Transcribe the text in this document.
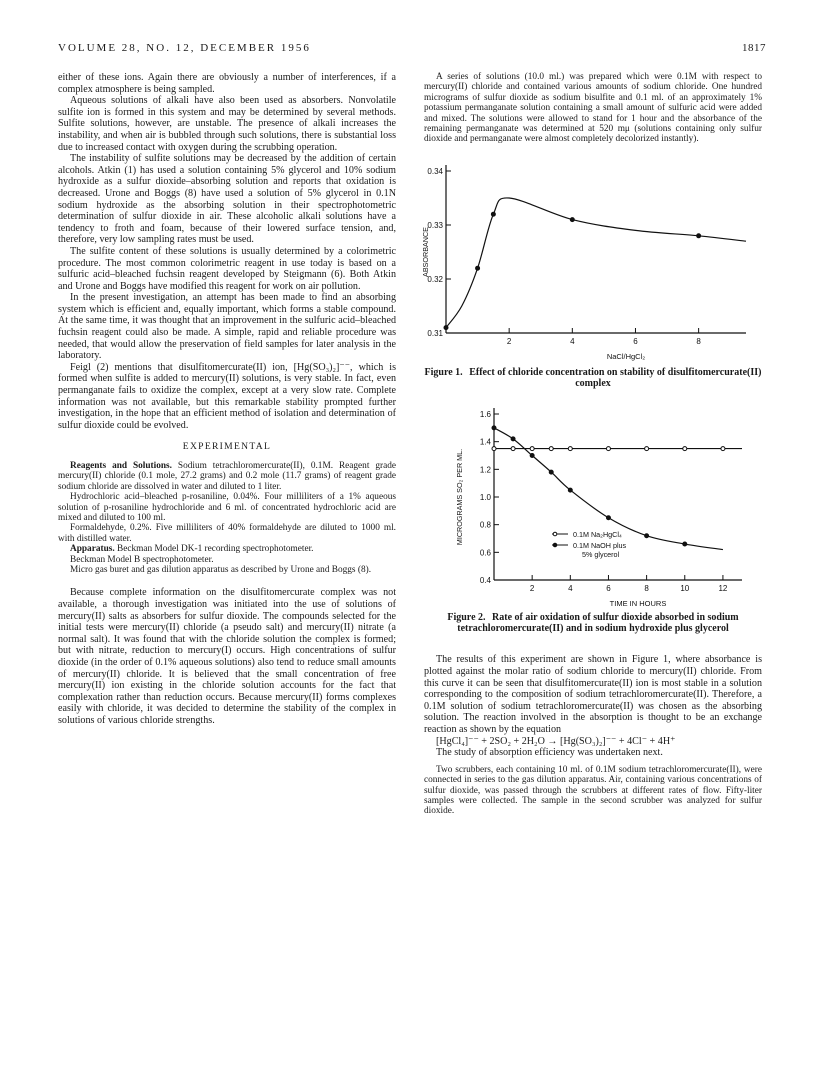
VOLUME 28, NO. 12, DECEMBER 1956	1817

either of these ions. Again there are obviously a number of interferences, if a complex atmosphere is being sampled.

Aqueous solutions of alkali have also been used as absorbers. Nonvolatile sulfite ion is formed in this system and may be determined by several methods. Sulfite solutions, however, are unstable. The presence of alkali increases the instability, and when air is bubbled through such solutions, there is substantial loss due to increased contact with oxygen during the scrubbing operation.

The instability of sulfite solutions may be decreased by the addition of certain alcohols. Atkin (1) has used a solution containing 5% glycerol and 10% sodium hydroxide as a sulfur dioxide–absorbing solution and reports that oxidation is decreased. Urone and Boggs (8) have used a solution of 5% glycerol in 0.1N sodium hydroxide as the absorbing solution in their spectrophotometric determination of sulfur dioxide in air. These alcoholic alkali solutions have a tendency to froth and foam, because of their lowered surface tension, and, therefore, very low sampling rates must be used.

The sulfite content of these solutions is usually determined by a colorimetric procedure. The most common colorimetric reagent in use today is based on a sulfuric acid–bleached fuchsin reagent developed by Steigmann (6). Both Atkin and Urone and Boggs have modified this reagent for work on air pollution.

In the present investigation, an attempt has been made to find an absorbing system which is efficient and, equally important, which forms a stable compound. At the same time, it was thought that an improvement in the sulfuric acid–bleached fuchsin reagent could also be made. A simple, rapid and reliable procedure was needed, that would allow the preservation of field samples for later analysis in the laboratory.

Feigl (2) mentions that disulfitomercurate(II) ion, [Hg(SO₃)₂]⁻⁻, which is formed when sulfite is added to mercury(II) solutions, is very stable. In fact, even permanganate fails to oxidize the complex, except at a very slow rate. Complete information was not available, but this remarkable stability prompted further investigation, in the hope that an efficient method of isolation and determination of sulfur dioxide could be evolved.

EXPERIMENTAL

Reagents and Solutions. Sodium tetrachloromercurate(II), 0.1M. Reagent grade mercury(II) chloride (0.1 mole, 27.2 grams) and 0.2 mole (11.7 grams) of reagent grade sodium chloride are dissolved in water and diluted to 1 liter.

Hydrochloric acid–bleached p-rosaniline, 0.04%. Four milliliters of a 1% aqueous solution of p-rosaniline hydrochloride and 6 ml. of concentrated hydrochloric acid are mixed and diluted to 100 ml.

Formaldehyde, 0.2%. Five milliliters of 40% formaldehyde are diluted to 1000 ml. with distilled water.

Apparatus. Beckman Model DK-1 recording spectrophotometer.

Beckman Model B spectrophotometer.

Micro gas buret and gas dilution apparatus as described by Urone and Boggs (8).

Because complete information on the disulfitomercurate complex was not available, a thorough investigation was initiated into the use of solutions of mercury(II) salts as absorbers for sulfur dioxide. The compounds selected for the initial tests were mercury(II) chloride (a pseudo salt) and mercury(II) nitrate (a normal salt). It was found that with the chloride solution the complex is formed; but with nitrate, reduction to mercury(I) occurs. High concentrations of sulfur dioxide (in the order of 0.1% aqueous solutions) also tend to reduce small amounts of mercury(II) chloride. It is believed that the small concentration of free mercury(II) ion existing in the chloride solution accounts for the fact that complexation rather than reduction occurs. Because mercury(II) forms complexes easily with chloride, it was decided to determine the stability of the complex in solutions of various chloride strengths.

A series of solutions (10.0 ml.) was prepared which were 0.1M with respect to mercury(II) chloride and contained various amounts of sodium chloride. One hundred micrograms of sulfur dioxide as sodium bisulfite and 0.1 ml. of an approximately 1% potassium permanganate solution containing a small amount of sulfuric acid were added and mixed. The solutions were allowed to stand for 1 hour and the absorbance of the remaining permanganate was determined at 520 mμ (solutions containing only sulfur dioxide and permanganate were almost completely decolorized instantly).

0.31
0.32
0.33
0.34
2	4	6	8
NaCl/HgCl₂
ABSORBANCE
Figure 1. Effect of chloride concentration on stability of disulfitomercurate(II) complex
0.4
0.6
0.8
1.0
1.2
1.4
1.6
2	4	6	8	10	12
TIME IN HOURS
MICROGRAMS SO₂ PER ML.	0.1M Na₂HgCl₄
0.1M NaOH plus
5% glycerol
Figure 2. Rate of air oxidation of sulfur dioxide absorbed in sodium tetrachloromercurate(II) and in sodium hydroxide plus glycerol

The results of this experiment are shown in Figure 1, where absorbance is plotted against the molar ratio of sodium chloride to mercury(II) chloride. From this curve it can be seen that disulfitomercurate(II) ion is most stable in a solution corresponding to the composition of sodium tetrachloromercurate(II). Therefore, a 0.1M solution of sodium tetrachloromercurate(II) was chosen as the absorbing solution. The reaction involved in the absorption is thought to be an exchange reaction as shown by the equation

[HgCl₄]⁻⁻ + 2SO₂ + 2H₂O → [Hg(SO₃)₂]⁻⁻ + 4Cl⁻ + 4H⁺

The study of absorption efficiency was undertaken next.

Two scrubbers, each containing 10 ml. of 0.1M sodium tetrachloromercurate(II), were connected in series to the gas dilution apparatus. Air, containing various concentrations of sulfur dioxide, was passed through the scrubbers at different rates of flow. Fifty-liter samples were collected. The sample in the second scrubber was analyzed for sulfur dioxide.
